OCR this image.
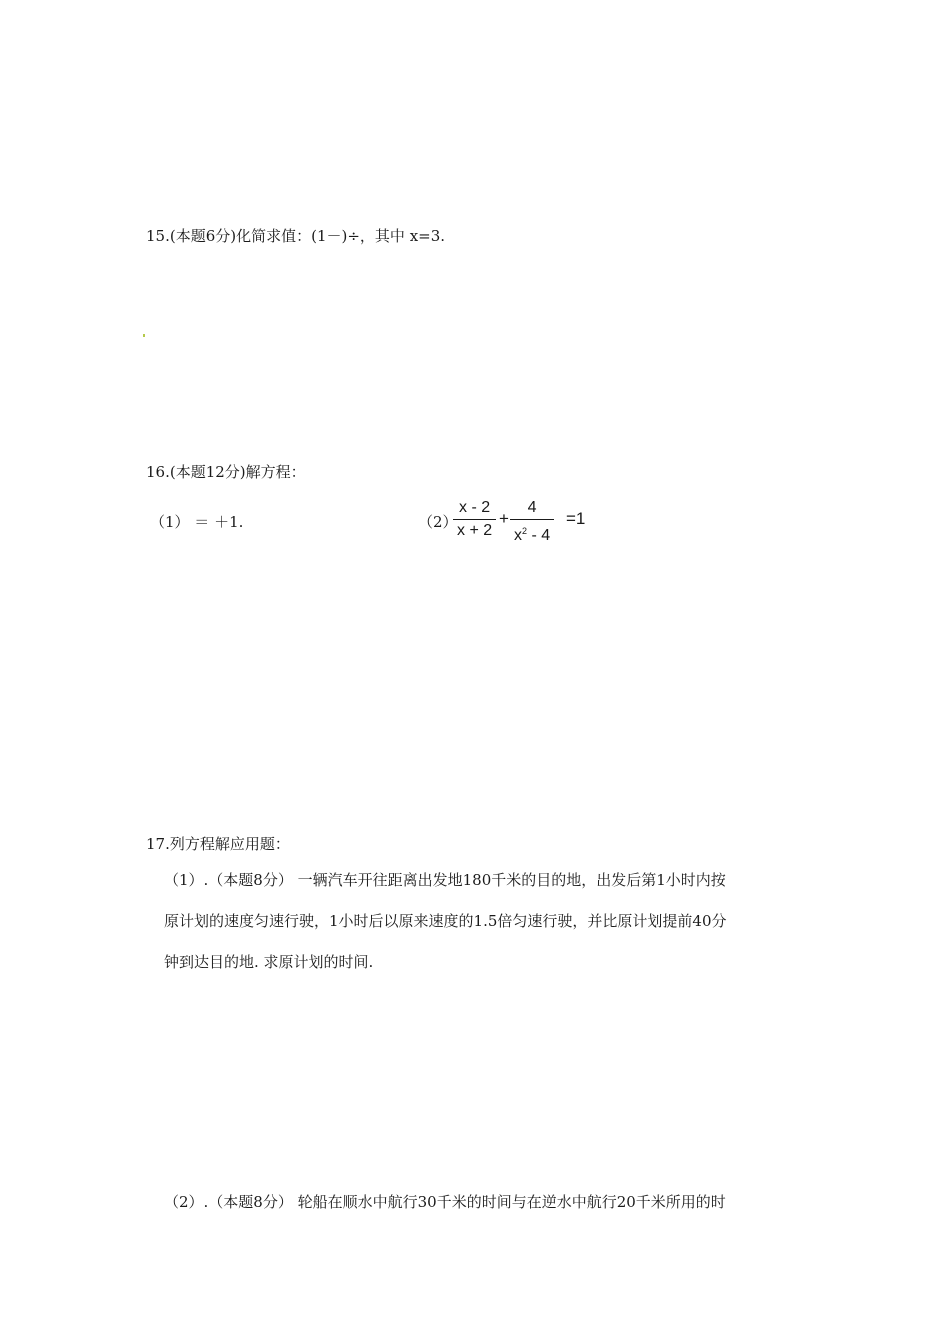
15.(本题6分)化简求值：(1－)÷，其中 x=3.
16.(本题12分)解方程：
（1） ＝ ＋1.	（2）
x - 2
x + 2
+
4
$x^2 - 4$
=1
17.列方程解应用题：
（1）.（本题8分） 一辆汽车开往距离出发地180千米的目的地，出发后第1小时内按
原计划的速度匀速行驶，1小时后以原来速度的1.5倍匀速行驶，并比原计划提前40分
钟到达目的地. 求原计划的时间.
（2）.（本题8分） 轮船在顺水中航行30千米的时间与在逆水中航行20千米所用的时
